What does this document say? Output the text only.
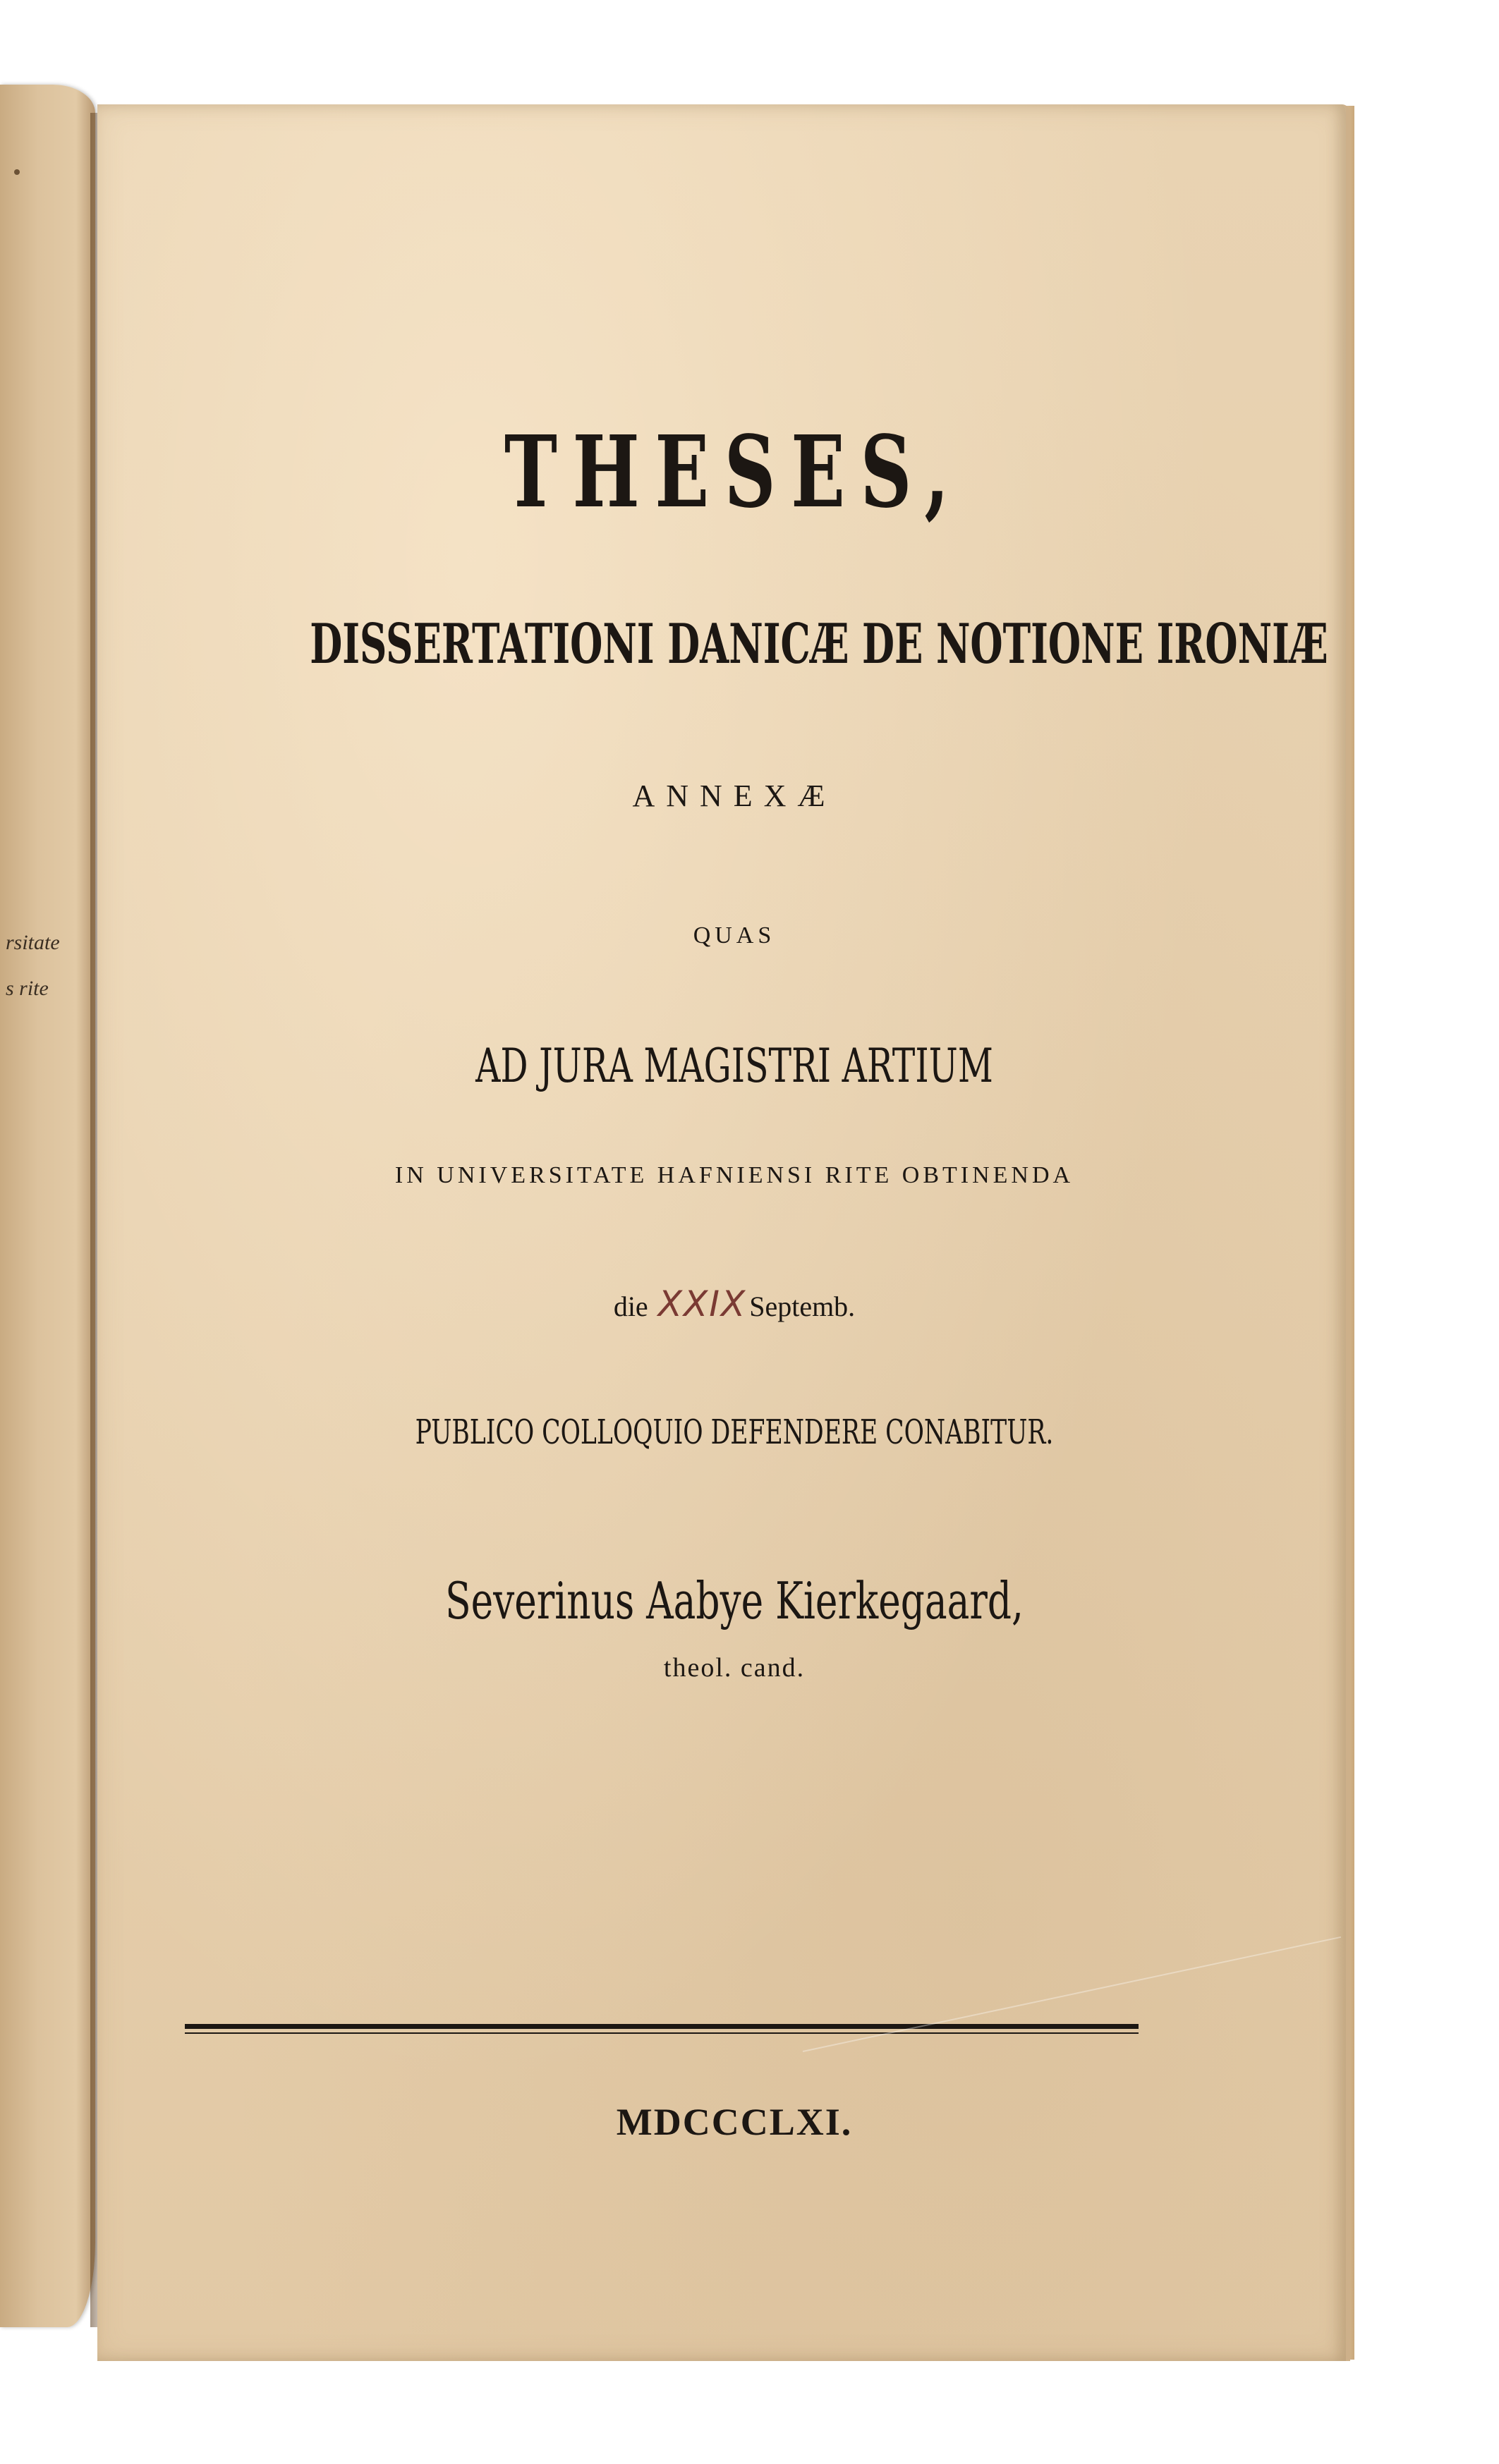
rsitate
s rite
THESES,
DISSERTATIONI DANICÆ DE NOTIONE IRONIÆ
ANNEXÆ
QUAS
AD JURA MAGISTRI ARTIUM
IN UNIVERSITATE HAFNIENSI RITE OBTINENDA
die XXIX Septemb.
PUBLICO COLLOQUIO DEFENDERE CONABITUR.
Severinus Aabye Kierkegaard,
theol. cand.
MDCCCLXI.
